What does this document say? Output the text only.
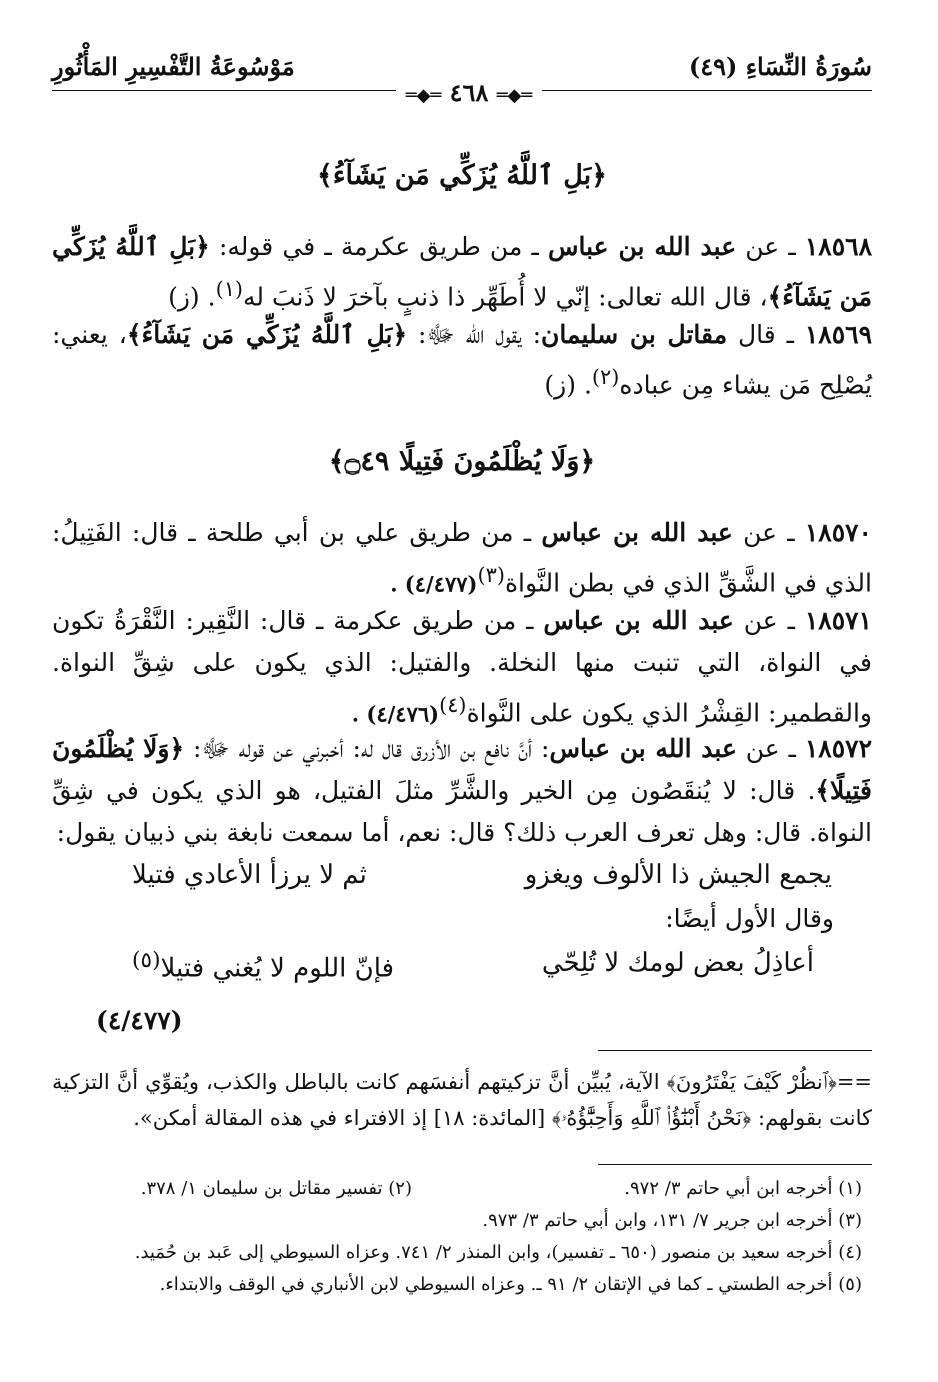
سُورَةُ النِّسَاءِ (٤٩)
مَوْسُوعَةُ التَّفْسِيرِ المَأْثُورِ
═◆═ ٤٦٨ ═◆═
﴿بَلِ ٱللَّهُ يُزَكِّي مَن يَشَآءُ﴾
١٨٥٦٨ ـ عن عبد الله بن عباس ـ من طريق عكرمة ـ في قوله: ﴿بَلِ ٱللَّهُ يُزَكِّي مَن يَشَآءُ﴾، قال الله تعالى: إنّي لا أُطَهِّر ذا ذنبٍ بآخرَ لا ذَنبَ له$^{(١)}$. (ز)
١٨٥٦٩ ـ قال مقاتل بن سليمان: يقول الله ﷻ: ﴿بَلِ ٱللَّهُ يُزَكِّي مَن يَشَآءُ﴾، يعني: يُصْلِح مَن يشاء مِن عباده$^{(٢)}$. (ز)
﴿وَلَا يُظْلَمُونَ فَتِيلًا ۝٤٩﴾
١٨٥٧٠ ـ عن عبد الله بن عباس ـ من طريق علي بن أبي طلحة ـ قال: الفَتِيلُ: الذي في الشَّقِّ الذي في بطن النَّواة$^{(٣)}$. (٤/٤٧٧)
١٨٥٧١ ـ عن عبد الله بن عباس ـ من طريق عكرمة ـ قال: النَّقِير: النَّقْرَةُ تكون في النواة، التي تنبت منها النخلة. والفتيل: الذي يكون على شِقِّ النواة. والقطمير: القِشْرُ الذي يكون على النَّواة$^{(٤)}$. (٤/٤٧٦)
١٨٥٧٢ ـ عن عبد الله بن عباس: أنَّ نافع بن الأزرق قال له: أخبرني عن قوله ﷻ: ﴿وَلَا يُظْلَمُونَ فَتِيلًا﴾. قال: لا يُنقَصُون مِن الخير والشَّرِّ مثلَ الفتيل، هو الذي يكون في شِقِّ النواة. قال: وهل تعرف العرب ذلك؟ قال: نعم، أما سمعت نابغة بني ذبيان يقول:
يجمع الجيش ذا الألوف ويغزو
ثم لا يرزأ الأعادي فتيلا
وقال الأول أيضًا:
أعاذِلُ بعض لومك لا تُلِحّي
فإنّ اللوم لا يُغني فتيلا$^{(٥)}$
(٤/٤٧٧)
==﴿ٱنظُرْ كَيْفَ يَفْتَرُونَ﴾ الآية، يُبيِّن أنَّ تزكيتهم أنفسَهم كانت بالباطل والكذب، ويُقوِّي أنَّ التزكية كانت بقولهم: ﴿نَحْنُ أَبْنَٰٓؤُا۟ ٱللَّهِ وَأَحِبَّٰٓؤُهُۥ﴾ [المائدة: ١٨] إذ الافتراء في هذه المقالة أمكن».
(١) أخرجه ابن أبي حاتم ٣/ ٩٧٢.
(٢) تفسير مقاتل بن سليمان ١/ ٣٧٨.
(٣) أخرجه ابن جرير ٧/ ١٣١، وابن أبي حاتم ٣/ ٩٧٣.
(٤) أخرجه سعيد بن منصور (٦٥٠ ـ تفسير)، وابن المنذر ٢/ ٧٤١. وعزاه السيوطي إلى عَبد بن حُمَيد.
(٥) أخرجه الطستي ـ كما في الإتقان ٢/ ٩١ ـ. وعزاه السيوطي لابن الأنباري في الوقف والابتداء.
